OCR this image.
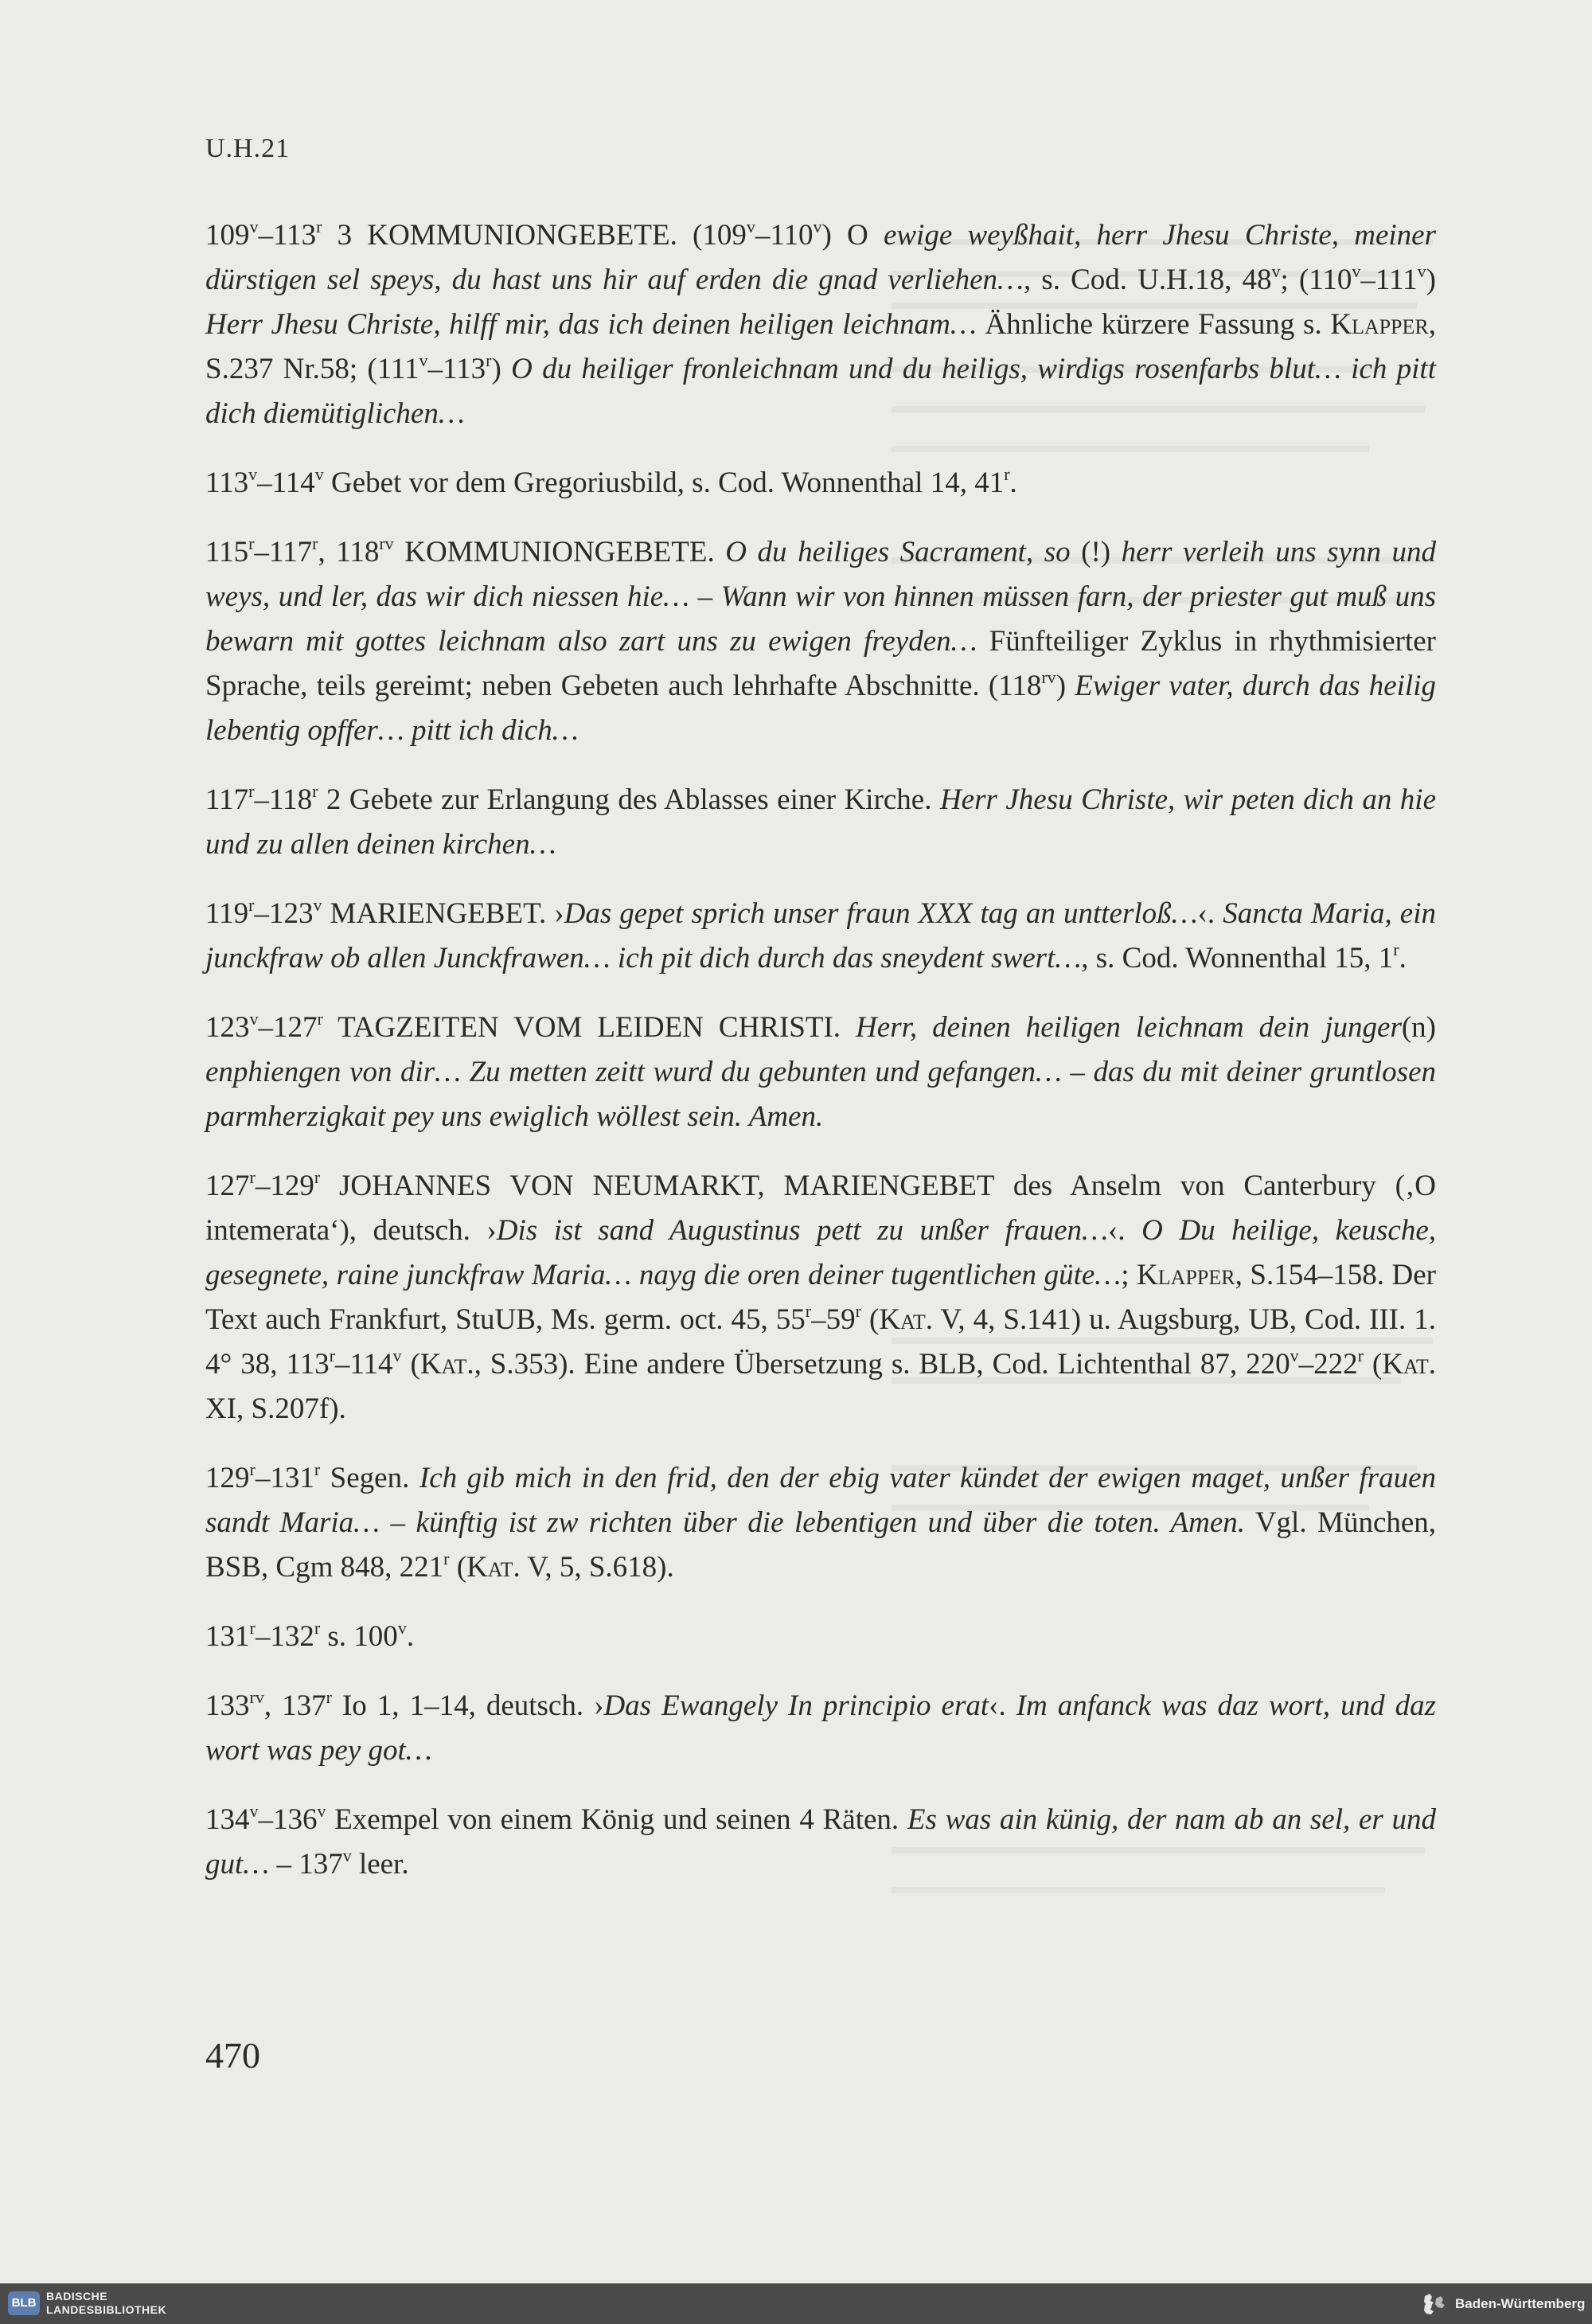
U.H.21

109$^v$–113$^r$ 3 KOMMUNIONGEBETE. (109$^v$–110$^v$) O ewige weyßhait, herr Jhesu Christe, meiner dürstigen sel speys, du hast uns hir auf erden die gnad verliehen…, s. Cod. U.H.18, 48$^v$; (110$^v$–111$^v$) Herr Jhesu Christe, hilff mir, das ich deinen heiligen leichnam… Ähnliche kürzere Fassung s. Klapper, S.237 Nr.58; (111$^v$–113$^r$) O du heiliger fronleichnam und du heiligs, wirdigs rosenfarbs blut… ich pitt dich diemütiglichen…

113$^v$–114$^v$ Gebet vor dem Gregoriusbild, s. Cod. Wonnenthal 14, 41$^r$.

115$^r$–117$^r$, $118^{rv}$ KOMMUNIONGEBETE. O du heiliges Sacrament, so (!) herr verleih uns synn und weys, und ler, das wir dich niessen hie… – Wann wir von hinnen müssen farn, der priester gut muß uns bewarn mit gottes leichnam also zart uns zu ewigen freyden… Fünfteiliger Zyklus in rhythmisierter Sprache, teils gereimt; neben Gebeten auch lehrhafte Abschnitte. $(118^{rv})$ Ewiger vater, durch das heilig lebentig opffer… pitt ich dich…

117$^r$–118$^r$ 2 Gebete zur Erlangung des Ablasses einer Kirche. Herr Jhesu Christe, wir peten dich an hie und zu allen deinen kirchen…

119$^r$–123$^v$ MARIENGEBET. ›Das gepet sprich unser fraun XXX tag an untterloß…‹. Sancta Maria, ein junckfraw ob allen Junckfrawen… ich pit dich durch das sneydent swert…, s. Cod. Wonnenthal 15, 1$^r$.

123$^v$–127$^r$ TAGZEITEN VOM LEIDEN CHRISTI. Herr, deinen heiligen leichnam dein junger(n) enphiengen von dir… Zu metten zeitt wurd du gebunten und gefangen… – das du mit deiner gruntlosen parmherzigkait pey uns ewiglich wöllest sein. Amen.

127$^r$–129$^r$ JOHANNES VON NEUMARKT, MARIENGEBET des Anselm von Canterbury (‚O intemerata‘), deutsch. ›Dis ist sand Augustinus pett zu unßer frauen…‹. O Du heilige, keusche, gesegnete, raine junckfraw Maria… nayg die oren deiner tugentlichen güte…; Klapper, S.154–158. Der Text auch Frankfurt, StuUB, Ms. germ. oct. 45, 55$^r$–59$^r$ (Kat. V, 4, S.141) u. Augsburg, UB, Cod. III. 1. 4° 38, 113$^r$–114$^v$ (Kat., S.353). Eine andere Übersetzung s. BLB, Cod. Lichtenthal 87, 220$^v$–222$^r$ (Kat. XI, S.207f).

129$^r$–131$^r$ Segen. Ich gib mich in den frid, den der ebig vater kündet der ewigen maget, unßer frauen sandt Maria… – künftig ist zw richten über die lebentigen und über die toten. Amen. Vgl. München, BSB, Cgm 848, 221$^r$ (Kat. V, 5, S.618).

131$^r$–132$^r$ s. 100$^v$.

$133^{rv}$, 137$^r$ Io 1, 1–14, deutsch. ›Das Ewangely In principio erat‹. Im anfanck was daz wort, und daz wort was pey got…

134$^v$–136$^v$ Exempel von einem König und seinen 4 Räten. Es was ain künig, der nam ab an sel, er und gut… – 137$^v$ leer.

470
BLB BADISCHE
LANDESBIBLIOTHEK	Baden-Württemberg
